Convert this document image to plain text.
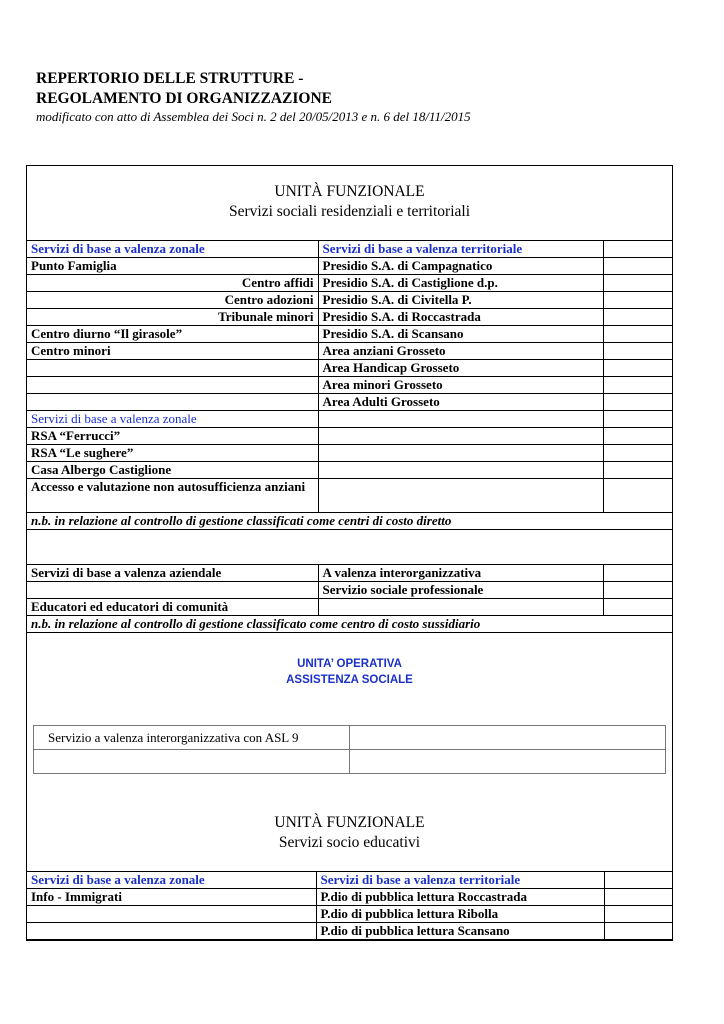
REPERTORIO DELLE STRUTTURE -
REGOLAMENTO DI ORGANIZZAZIONE
modificato con atto di Assemblea dei Soci n. 2 del 20/05/2013 e n. 6 del 18/11/2015
UNITÀ FUNZIONALE
Servizi sociali residenziali e territoriali
Servizi di base a valenza zonale	Servizi di base a valenza territoriale	
Punto Famiglia	Presidio S.A. di Campagnatico	
Centro affidi	Presidio S.A. di Castiglione d.p.	
Centro adozioni	Presidio S.A. di Civitella P.	
Tribunale minori	Presidio S.A. di Roccastrada	
Centro diurno “Il girasole”	Presidio S.A. di Scansano	
Centro minori	Area anziani Grosseto	
	Area Handicap Grosseto	
	Area minori Grosseto	
	Area Adulti Grosseto	
Servizi di base a valenza zonale		
RSA “Ferrucci”		
RSA “Le sughere”		
Casa Albergo Castiglione		
Accesso e valutazione non autosufficienza anziani		
n.b. in relazione al controllo di gestione classificati come centri di costo diretto		

Servizi di base a valenza aziendale	A valenza interorganizzativa	
	Servizio sociale professionale	
Educatori ed educatori di comunità		
n.b. in relazione al controllo di gestione classificato come centro di costo sussidiario		
UNITA’ OPERATIVA
ASSISTENZA SOCIALE
Servizio a valenza interorganizzativa con ASL 9	

UNITÀ FUNZIONALE
Servizi socio educativi
Servizi di base a valenza zonale	Servizi di base a valenza territoriale	
Info - Immigrati	P.dio di pubblica lettura Roccastrada	
	P.dio di pubblica lettura Ribolla	
	P.dio di pubblica lettura Scansano	
